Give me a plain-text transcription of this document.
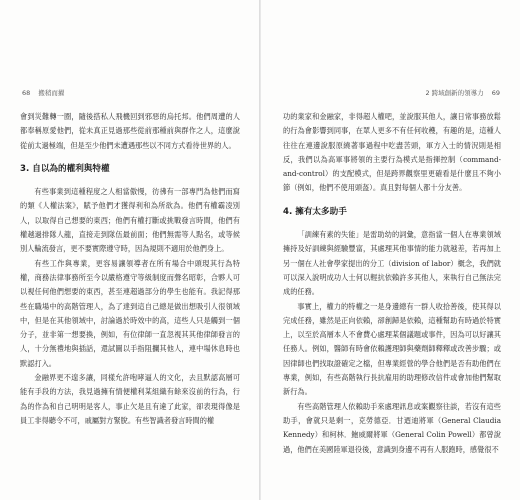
68 搬稍而擢

會到災難轉一圈，隨後搭私人飛機回到邪惡的烏托邦。他們周遭的人都奉稱原愛他們，從未真正見過那些從前那種前與群作之人，這麼說從前太過極端，但是至少他們未遭遇那些以不同方式看待世界的人。

3. 自以為的權利與特權

有些事業到這種程度之人相當傲慢，彷彿有一部專門為他們而寫的類《人權法案》，賦予他們才獲得利和為所欲為。他們有權霸凌別人，以取得自己想要的東西；他們有權打斷或挑戰發言時間，他們有權越過排隊人龍，直接走到隊伍最前面；他們無需等人點名，或等候別人輪流發言，更不要實際遵守時，因為規則不適用於他們身上。

有些工作與專業，更容易讓領導者在所有場合中頭現其行為特權，商務法律事務所至今以嚴格遵守等級制度而聲名昭彰，合夥人可以視任何他們想要的東西，甚至連超過部分的學生也能有。我記得那些在職場中的高階管理人，為了達到這自己總是做出想吸引人很領域中，但是在其他領域中，討論過於時效中的高，這些人只是觸到一個分子，並非第一想要換，例如，有位律師一直忽視其其他律師發言的人，十分無禮地與插話，還試圖以手指阻攔其他人，連中場休息時也默認打入。

金融界更不遑多讓，同樣允許咆哮逼人的文化，去且默認高層可能有手段的方法，我見過擁有情便權利某組織有餘來沒前的行為，行為的作為和自己明明是客人，事止欠是且有違了此家，卻表現得像是員工非得聽令不可，戚屬對方緊脫。有些智識者發言時間的權

2 跨域創新的領導力 69

功的業家和金融家，非得超人權吧，並說服其他人，讓日常事務放鬆的行為會影響到同事，在眾人更多不有任何收穫，有趣的是，這種人往往在連邊說服原繞著事過程中吃盡苦頭，軍方入士的情況則是相反，我們以為高軍事將領的主要行為模式是指揮控制（command-and-control）的支配模式，但是跨界觀察里更確看是什麼且不夠小節（例如，他們不使用頭盔）。真且對每個人都十分友善。

4. 擁有太多助手

「訓練有素的失能」是雷助幼的詞彙，意指當一個人在專業領域擁持及好訓練與經驗豐富，其處理其他事情的能力就越差，若再加上另一個在人社會學家提出的分工（division of labor）概念，我們就可以深入說明成功人士何以輕抗依賴許多其他人，來執行自己無法完成的任務。

事實上，權力的特權之一是身邊總有一群人收拾善後，使其得以完成任務，雖然是正向依賴，卻創歸是依賴，這種幫助有時過於特實上，以至於高層本人不會費心處理某個議題或事件，因為可以好讓其任務人。例如，醫師有時會依賴護理師與藥劑師釋釋或改善步驟；或因律師也們找取證確定之檔，但專業經營的學合他們是否有助他們在專業，例如，有些高階執行長抗雇用的助理修改信件或會加他們幫取新行為。

有些高階管理人依賴助手來處理訊息或案觀察往談，若沒有這些助手，會就只是剩一，克勞德亞．甘迺迪將軍（General Claudia Kennedy）和柯林．鮑威爾將軍（General Colin Powell）都曾說過，他們在美國陸軍退役後，意識到身邊不再有人服跑時，感覺很不
